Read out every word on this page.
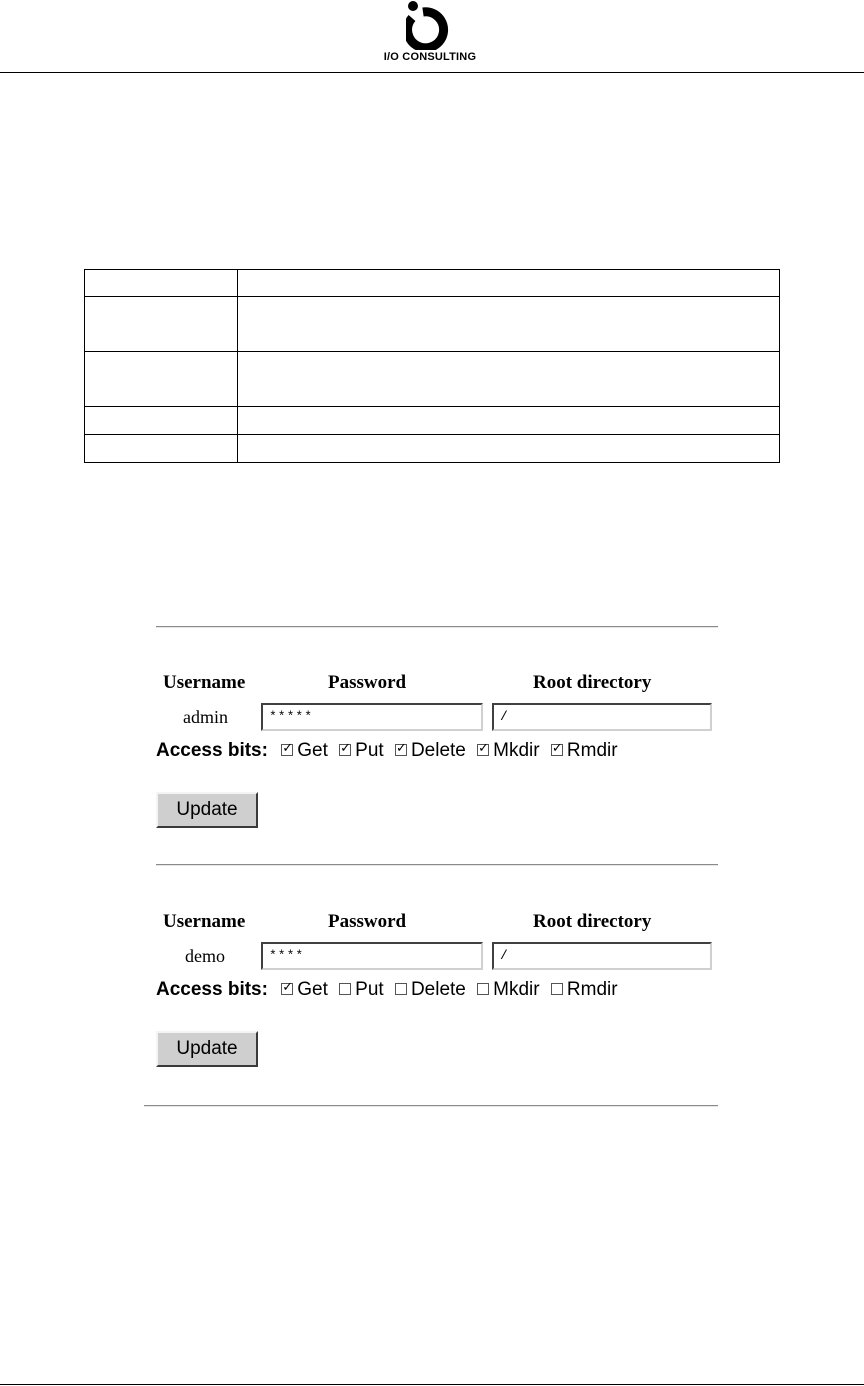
I/O CONSULTING

Username	Password	Root directory
admin	*****	/
Access bits: ✓ Get ✓ Put ✓ Delete ✓ Mkdir ✓ Rmdir
Update
Username	Password	Root directory
demo	****	/
Access bits: ✓ Get Put Delete Mkdir Rmdir
Update
